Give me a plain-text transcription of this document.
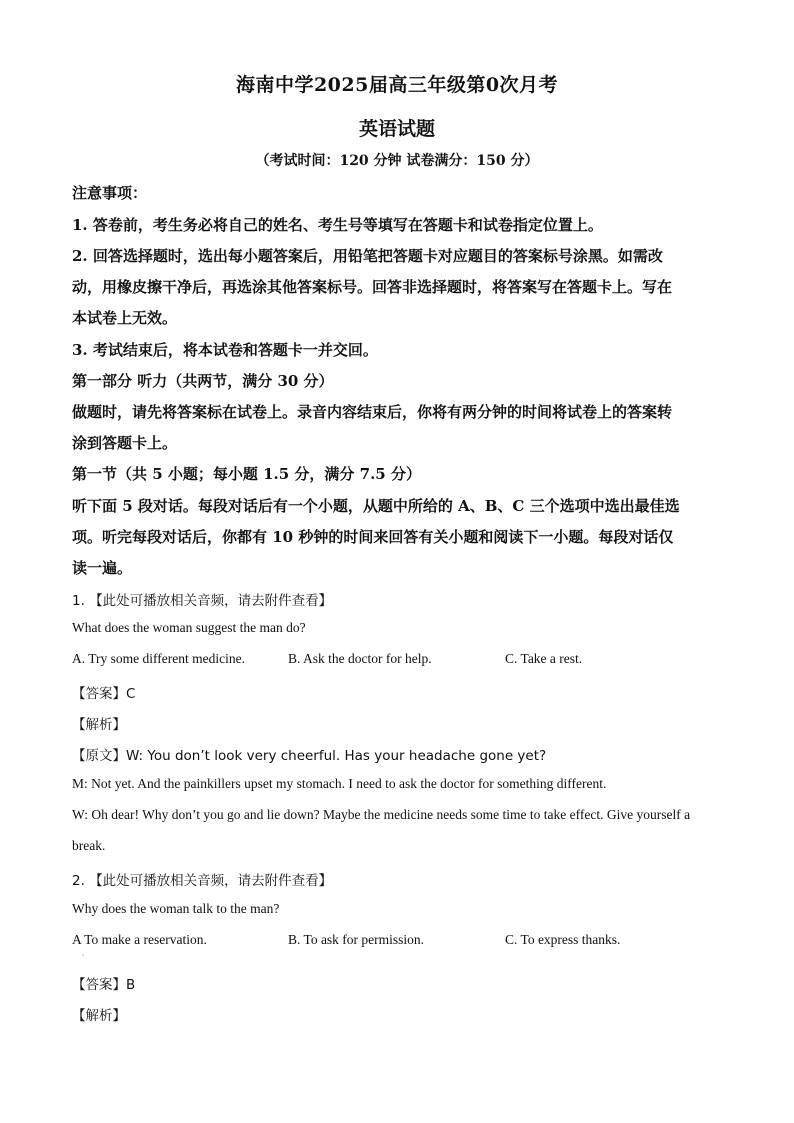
海南中学2025届高三年级第0次月考
英语试题
（考试时间：120 分钟 试卷满分：150 分）
注意事项：
1. 答卷前，考生务必将自己的姓名、考生号等填写在答题卡和试卷指定位置上。
2. 回答选择题时，选出每小题答案后，用铅笔把答题卡对应题目的答案标号涂黑。如需改
动，用橡皮擦干净后，再选涂其他答案标号。回答非选择题时，将答案写在答题卡上。写在
本试卷上无效。
3. 考试结束后，将本试卷和答题卡一并交回。
第一部分 听力（共两节，满分 30 分）
做题时，请先将答案标在试卷上。录音内容结束后，你将有两分钟的时间将试卷上的答案转
涂到答题卡上。
第一节（共 5 小题；每小题 1.5 分，满分 7.5 分）
听下面 5 段对话。每段对话后有一个小题，从题中所给的 A、B、C 三个选项中选出最佳选
项。听完每段对话后，你都有 10 秒钟的时间来回答有关小题和阅读下一小题。每段对话仅
读一遍。
1. 【此处可播放相关音频，请去附件查看】
What does the woman suggest the man do?
A. Try some different medicine.	B. Ask the doctor for help.	C. Take a rest.
【答案】C
【解析】
【原文】W: You don’t look very cheerful. Has your headache gone yet?
M: Not yet. And the painkillers upset my stomach. I need to ask the doctor for something different.
W: Oh dear! Why don’t you go and lie down? Maybe the medicine needs some time to take effect. Give yourself a
break.
2. 【此处可播放相关音频，请去附件查看】
Why does the woman talk to the man?
A To make a reservation.	B. To ask for permission.	C. To express thanks.
·
【答案】B
【解析】
